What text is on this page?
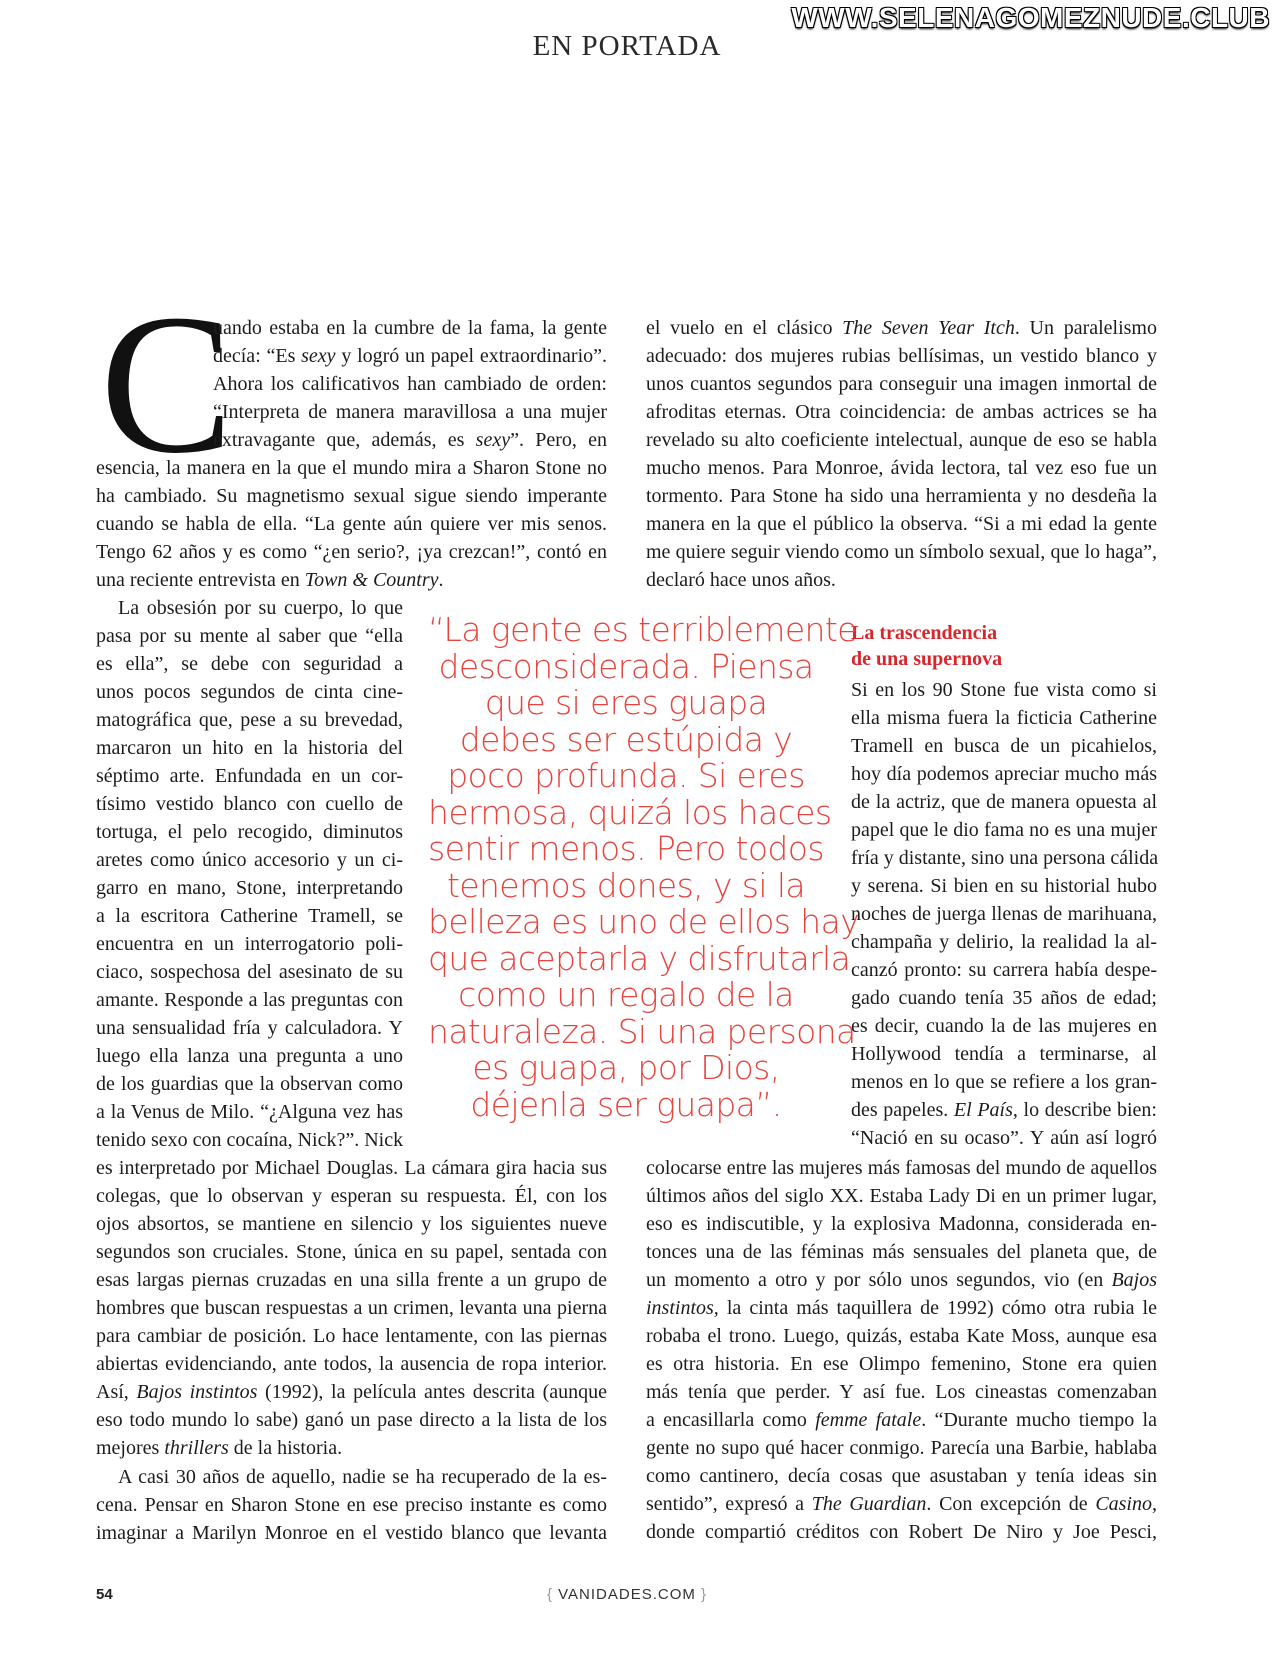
WWW.SELENAGOMEZNUDE.CLUB
EN PORTADA
C
uando estaba en la cumbre de la fama, la gente
decía: “Es sexy y logró un papel extraordinario”.
Ahora los calificativos han cambiado de orden:
“Interpreta de manera maravillosa a una mujer
extravagante que, además, es sexy”. Pero, en
esencia, la manera en la que el mundo mira a Sharon Stone no
ha cambiado. Su magnetismo sexual sigue siendo imperante
cuando se habla de ella. “La gente aún quiere ver mis senos.
Tengo 62 años y es como “¿en serio?, ¡ya crezcan!”, contó en
una reciente entrevista en Town & Country.
La obsesión por su cuerpo, lo que
pasa por su mente al saber que “ella
es ella”, se debe con seguridad a
unos pocos segundos de cinta cine-
matográfica que, pese a su brevedad,
marcaron un hito en la historia del
séptimo arte. Enfundada en un cor-
tísimo vestido blanco con cuello de
tortuga, el pelo recogido, diminutos
aretes como único accesorio y un ci-
garro en mano, Stone, interpretando
a la escritora Catherine Tramell, se
encuentra en un interrogatorio poli-
ciaco, sospechosa del asesinato de su
amante. Responde a las preguntas con
una sensualidad fría y calculadora. Y
luego ella lanza una pregunta a uno
de los guardias que la observan como
a la Venus de Milo. “¿Alguna vez has
tenido sexo con cocaína, Nick?”. Nick
es interpretado por Michael Douglas. La cámara gira hacia sus
colegas, que lo observan y esperan su respuesta. Él, con los
ojos absortos, se mantiene en silencio y los siguientes nueve
segundos son cruciales. Stone, única en su papel, sentada con
esas largas piernas cruzadas en una silla frente a un grupo de
hombres que buscan respuestas a un crimen, levanta una pierna
para cambiar de posición. Lo hace lentamente, con las piernas
abiertas evidenciando, ante todos, la ausencia de ropa interior.
Así, Bajos instintos (1992), la película antes descrita (aunque
eso todo mundo lo sabe) ganó un pase directo a la lista de los
mejores thrillers de la historia.
A casi 30 años de aquello, nadie se ha recuperado de la es-
cena. Pensar en Sharon Stone en ese preciso instante es como
imaginar a Marilyn Monroe en el vestido blanco que levanta
el vuelo en el clásico The Seven Year Itch. Un paralelismo
adecuado: dos mujeres rubias bellísimas, un vestido blanco y
unos cuantos segundos para conseguir una imagen inmortal de
afroditas eternas. Otra coincidencia: de ambas actrices se ha
revelado su alto coeficiente intelectual, aunque de eso se habla
mucho menos. Para Monroe, ávida lectora, tal vez eso fue un
tormento. Para Stone ha sido una herramienta y no desdeña la
manera en la que el público la observa. “Si a mi edad la gente
me quiere seguir viendo como un símbolo sexual, que lo haga”,
declaró hace unos años.
La trascendencia
de una supernova
Si en los 90 Stone fue vista como si
ella misma fuera la ficticia Catherine
Tramell en busca de un picahielos,
hoy día podemos apreciar mucho más
de la actriz, que de manera opuesta al
papel que le dio fama no es una mujer
fría y distante, sino una persona cálida
y serena. Si bien en su historial hubo
noches de juerga llenas de marihuana,
champaña y delirio, la realidad la al-
canzó pronto: su carrera había despe-
gado cuando tenía 35 años de edad;
es decir, cuando la de las mujeres en
Hollywood tendía a terminarse, al
menos en lo que se refiere a los gran-
des papeles. El País, lo describe bien:
“Nació en su ocaso”. Y aún así logró
colocarse entre las mujeres más famosas del mundo de aquellos
últimos años del siglo XX. Estaba Lady Di en un primer lugar,
eso es indiscutible, y la explosiva Madonna, considerada en-
tonces una de las féminas más sensuales del planeta que, de
un momento a otro y por sólo unos segundos, vio (en Bajos
instintos, la cinta más taquillera de 1992) cómo otra rubia le
robaba el trono. Luego, quizás, estaba Kate Moss, aunque esa
es otra historia. En ese Olimpo femenino, Stone era quien
más tenía que perder. Y así fue. Los cineastas comenzaban
a encasillarla como femme fatale. “Durante mucho tiempo la
gente no supo qué hacer conmigo. Parecía una Barbie, hablaba
como cantinero, decía cosas que asustaban y tenía ideas sin
sentido”, expresó a The Guardian. Con excepción de Casino,
donde compartió créditos con Robert De Niro y Joe Pesci,
“La gente es terriblemente
desconsiderada. Piensa
que si eres guapa
debes ser estúpida y
poco profunda. Si eres
hermosa, quizá los haces
sentir menos. Pero todos
tenemos dones, y si la
belleza es uno de ellos hay
que aceptarla y disfrutarla
como un regalo de la
naturaleza. Si una persona
es guapa, por Dios,
déjenla ser guapa”.
54	{ VANIDADES.COM }
